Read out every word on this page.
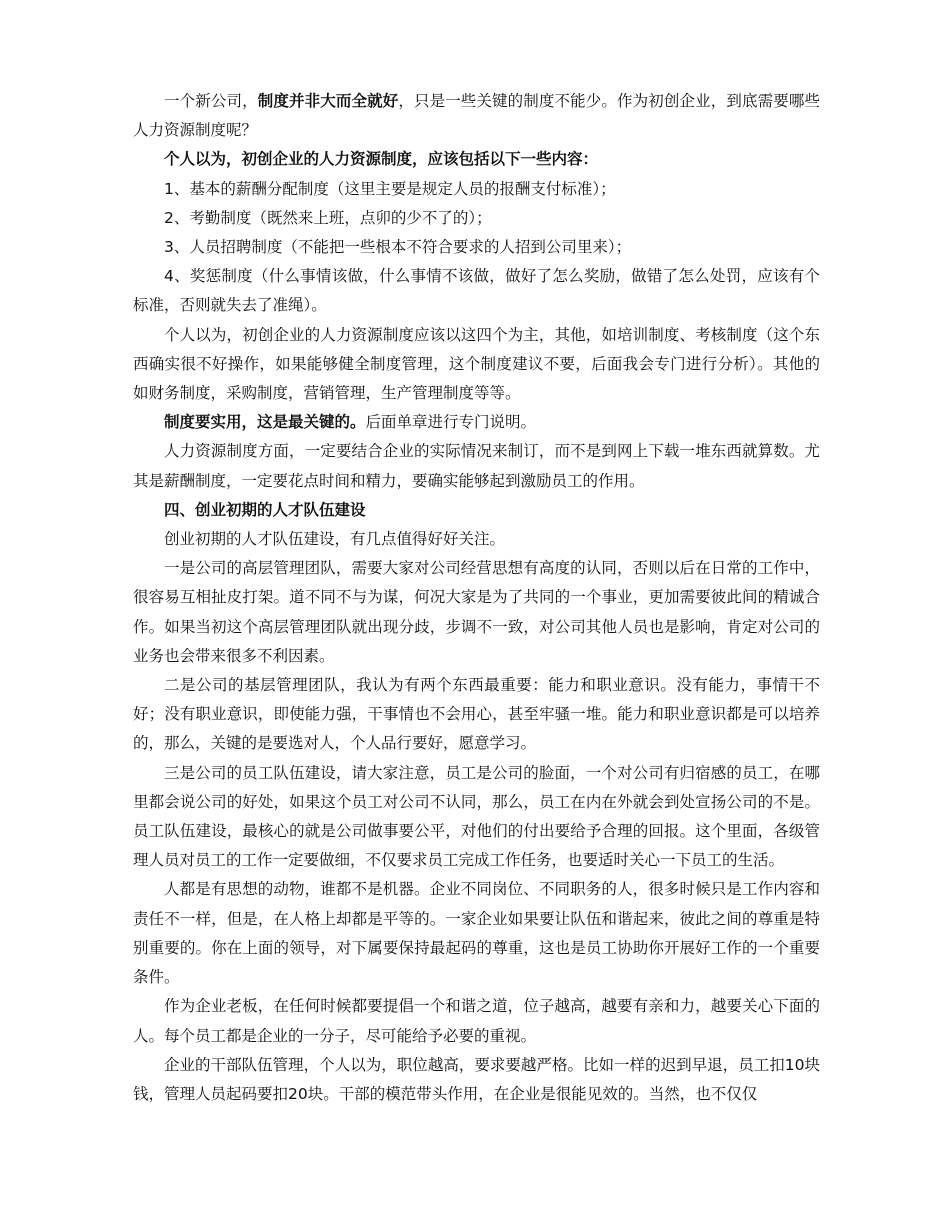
一个新公司，制度并非大而全就好，只是一些关键的制度不能少。作为初创企业，到底需要哪些人力资源制度呢？

个人以为，初创企业的人力资源制度，应该包括以下一些内容：

1、基本的薪酬分配制度（这里主要是规定人员的报酬支付标准）；

2、考勤制度（既然来上班，点卯的少不了的）；

3、人员招聘制度（不能把一些根本不符合要求的人招到公司里来）；

4、奖惩制度（什么事情该做，什么事情不该做，做好了怎么奖励，做错了怎么处罚，应该有个标准，否则就失去了准绳）。

个人以为，初创企业的人力资源制度应该以这四个为主，其他，如培训制度、考核制度（这个东西确实很不好操作，如果能够健全制度管理，这个制度建议不要，后面我会专门进行分析）。其他的如财务制度，采购制度，营销管理，生产管理制度等等。

制度要实用，这是最关键的。后面单章进行专门说明。

人力资源制度方面，一定要结合企业的实际情况来制订，而不是到网上下载一堆东西就算数。尤其是薪酬制度，一定要花点时间和精力，要确实能够起到激励员工的作用。

四、创业初期的人才队伍建设

创业初期的人才队伍建设，有几点值得好好关注。

一是公司的高层管理团队，需要大家对公司经营思想有高度的认同，否则以后在日常的工作中，很容易互相扯皮打架。道不同不与为谋，何况大家是为了共同的一个事业，更加需要彼此间的精诚合作。如果当初这个高层管理团队就出现分歧，步调不一致，对公司其他人员也是影响，肯定对公司的业务也会带来很多不利因素。

二是公司的基层管理团队，我认为有两个东西最重要：能力和职业意识。没有能力，事情干不好；没有职业意识，即使能力强，干事情也不会用心，甚至牢骚一堆。能力和职业意识都是可以培养的，那么，关键的是要选对人，个人品行要好，愿意学习。

三是公司的员工队伍建设，请大家注意，员工是公司的脸面，一个对公司有归宿感的员工，在哪里都会说公司的好处，如果这个员工对公司不认同，那么，员工在内在外就会到处宣扬公司的不是。员工队伍建设，最核心的就是公司做事要公平，对他们的付出要给予合理的回报。这个里面，各级管理人员对员工的工作一定要做细，不仅要求员工完成工作任务，也要适时关心一下员工的生活。

人都是有思想的动物，谁都不是机器。企业不同岗位、不同职务的人，很多时候只是工作内容和责任不一样，但是，在人格上却都是平等的。一家企业如果要让队伍和谐起来，彼此之间的尊重是特别重要的。你在上面的领导，对下属要保持最起码的尊重，这也是员工协助你开展好工作的一个重要条件。

作为企业老板，在任何时候都要提倡一个和谐之道，位子越高，越要有亲和力，越要关心下面的人。每个员工都是企业的一分子，尽可能给予必要的重视。

企业的干部队伍管理，个人以为，职位越高，要求要越严格。比如一样的迟到早退，员工扣10块钱，管理人员起码要扣20块。干部的模范带头作用，在企业是很能见效的。当然，也不仅仅
